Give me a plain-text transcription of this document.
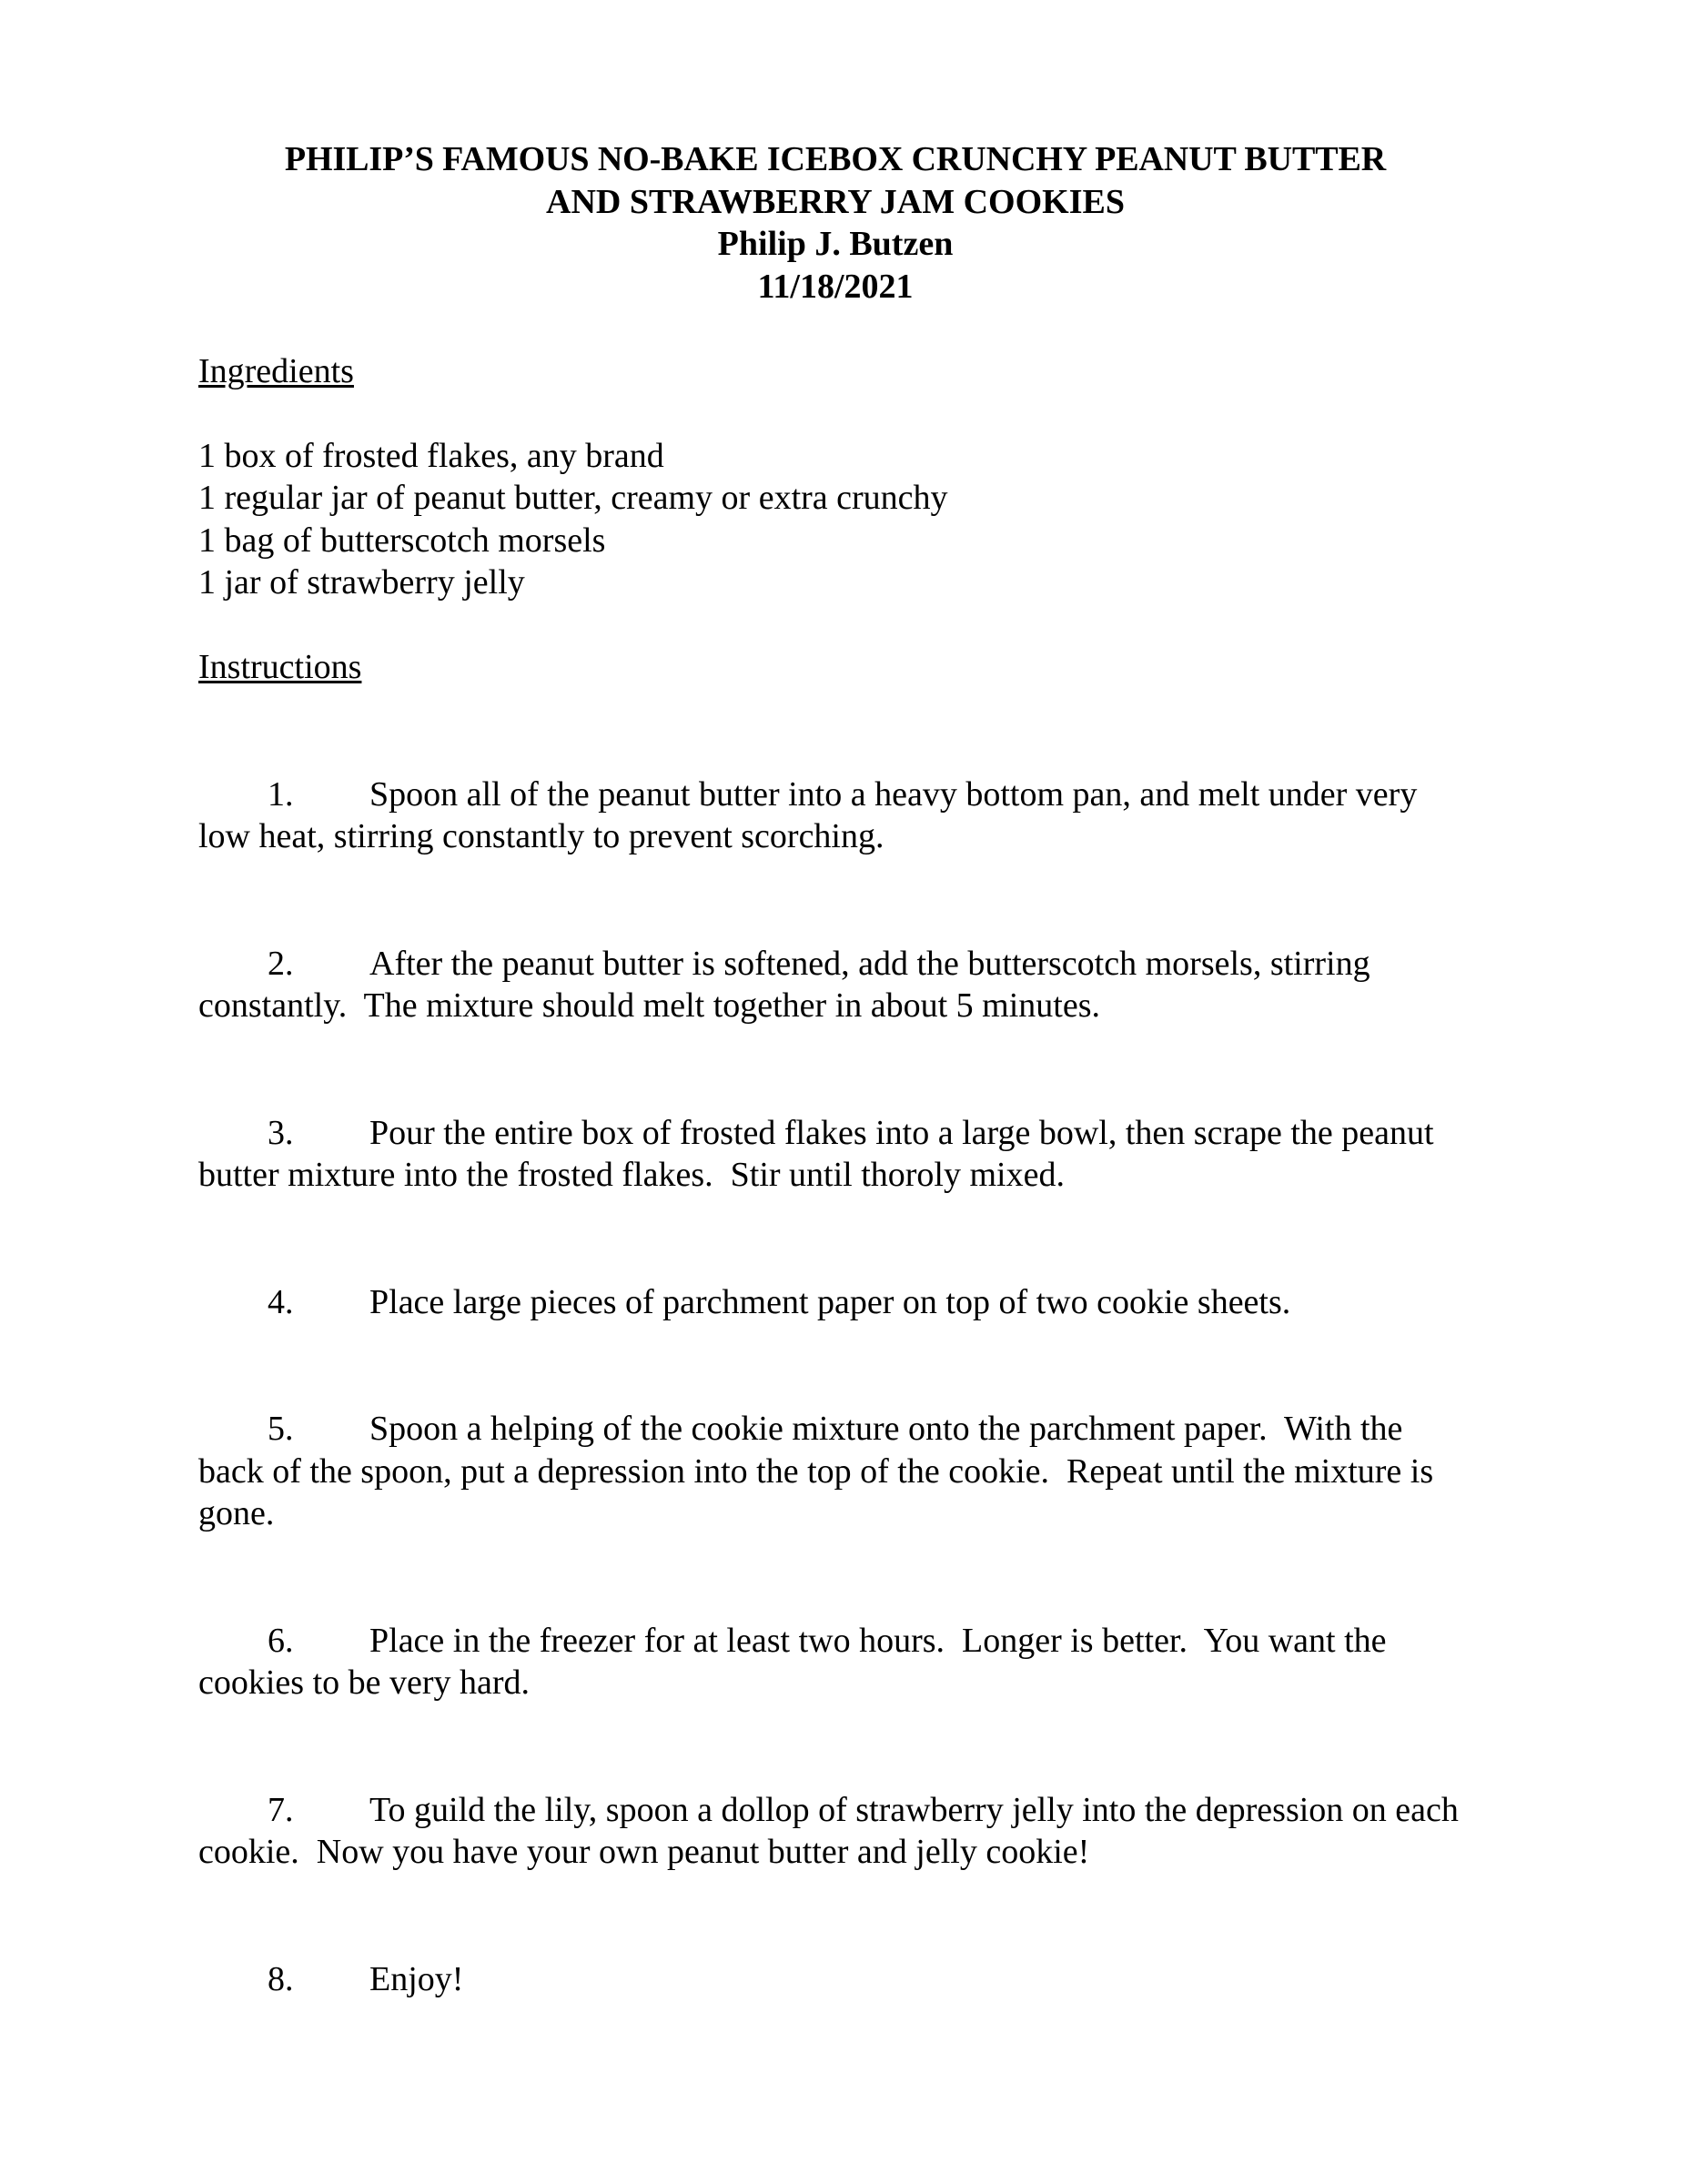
PHILIP’S FAMOUS NO-BAKE ICEBOX CRUNCHY PEANUT BUTTER
AND STRAWBERRY JAM COOKIES
Philip J. Butzen
11/18/2021

Ingredients

1 box of frosted flakes, any brand
1 regular jar of peanut butter, creamy or extra crunchy
1 bag of butterscotch morsels
1 jar of strawberry jelly

Instructions

1. Spoon all of the peanut butter into a heavy bottom pan, and melt under very low heat, stirring constantly to prevent scorching.

2. After the peanut butter is softened, add the butterscotch morsels, stirring constantly.  The mixture should melt together in about 5 minutes.

3. Pour the entire box of frosted flakes into a large bowl, then scrape the peanut butter mixture into the frosted flakes.  Stir until thoroly mixed.

4. Place large pieces of parchment paper on top of two cookie sheets.

5. Spoon a helping of the cookie mixture onto the parchment paper.  With the back of the spoon, put a depression into the top of the cookie.  Repeat until the mixture is gone.

6. Place in the freezer for at least two hours.  Longer is better.  You want the cookies to be very hard.

7. To guild the lily, spoon a dollop of strawberry jelly into the depression on each cookie.  Now you have your own peanut butter and jelly cookie!

8. Enjoy!
